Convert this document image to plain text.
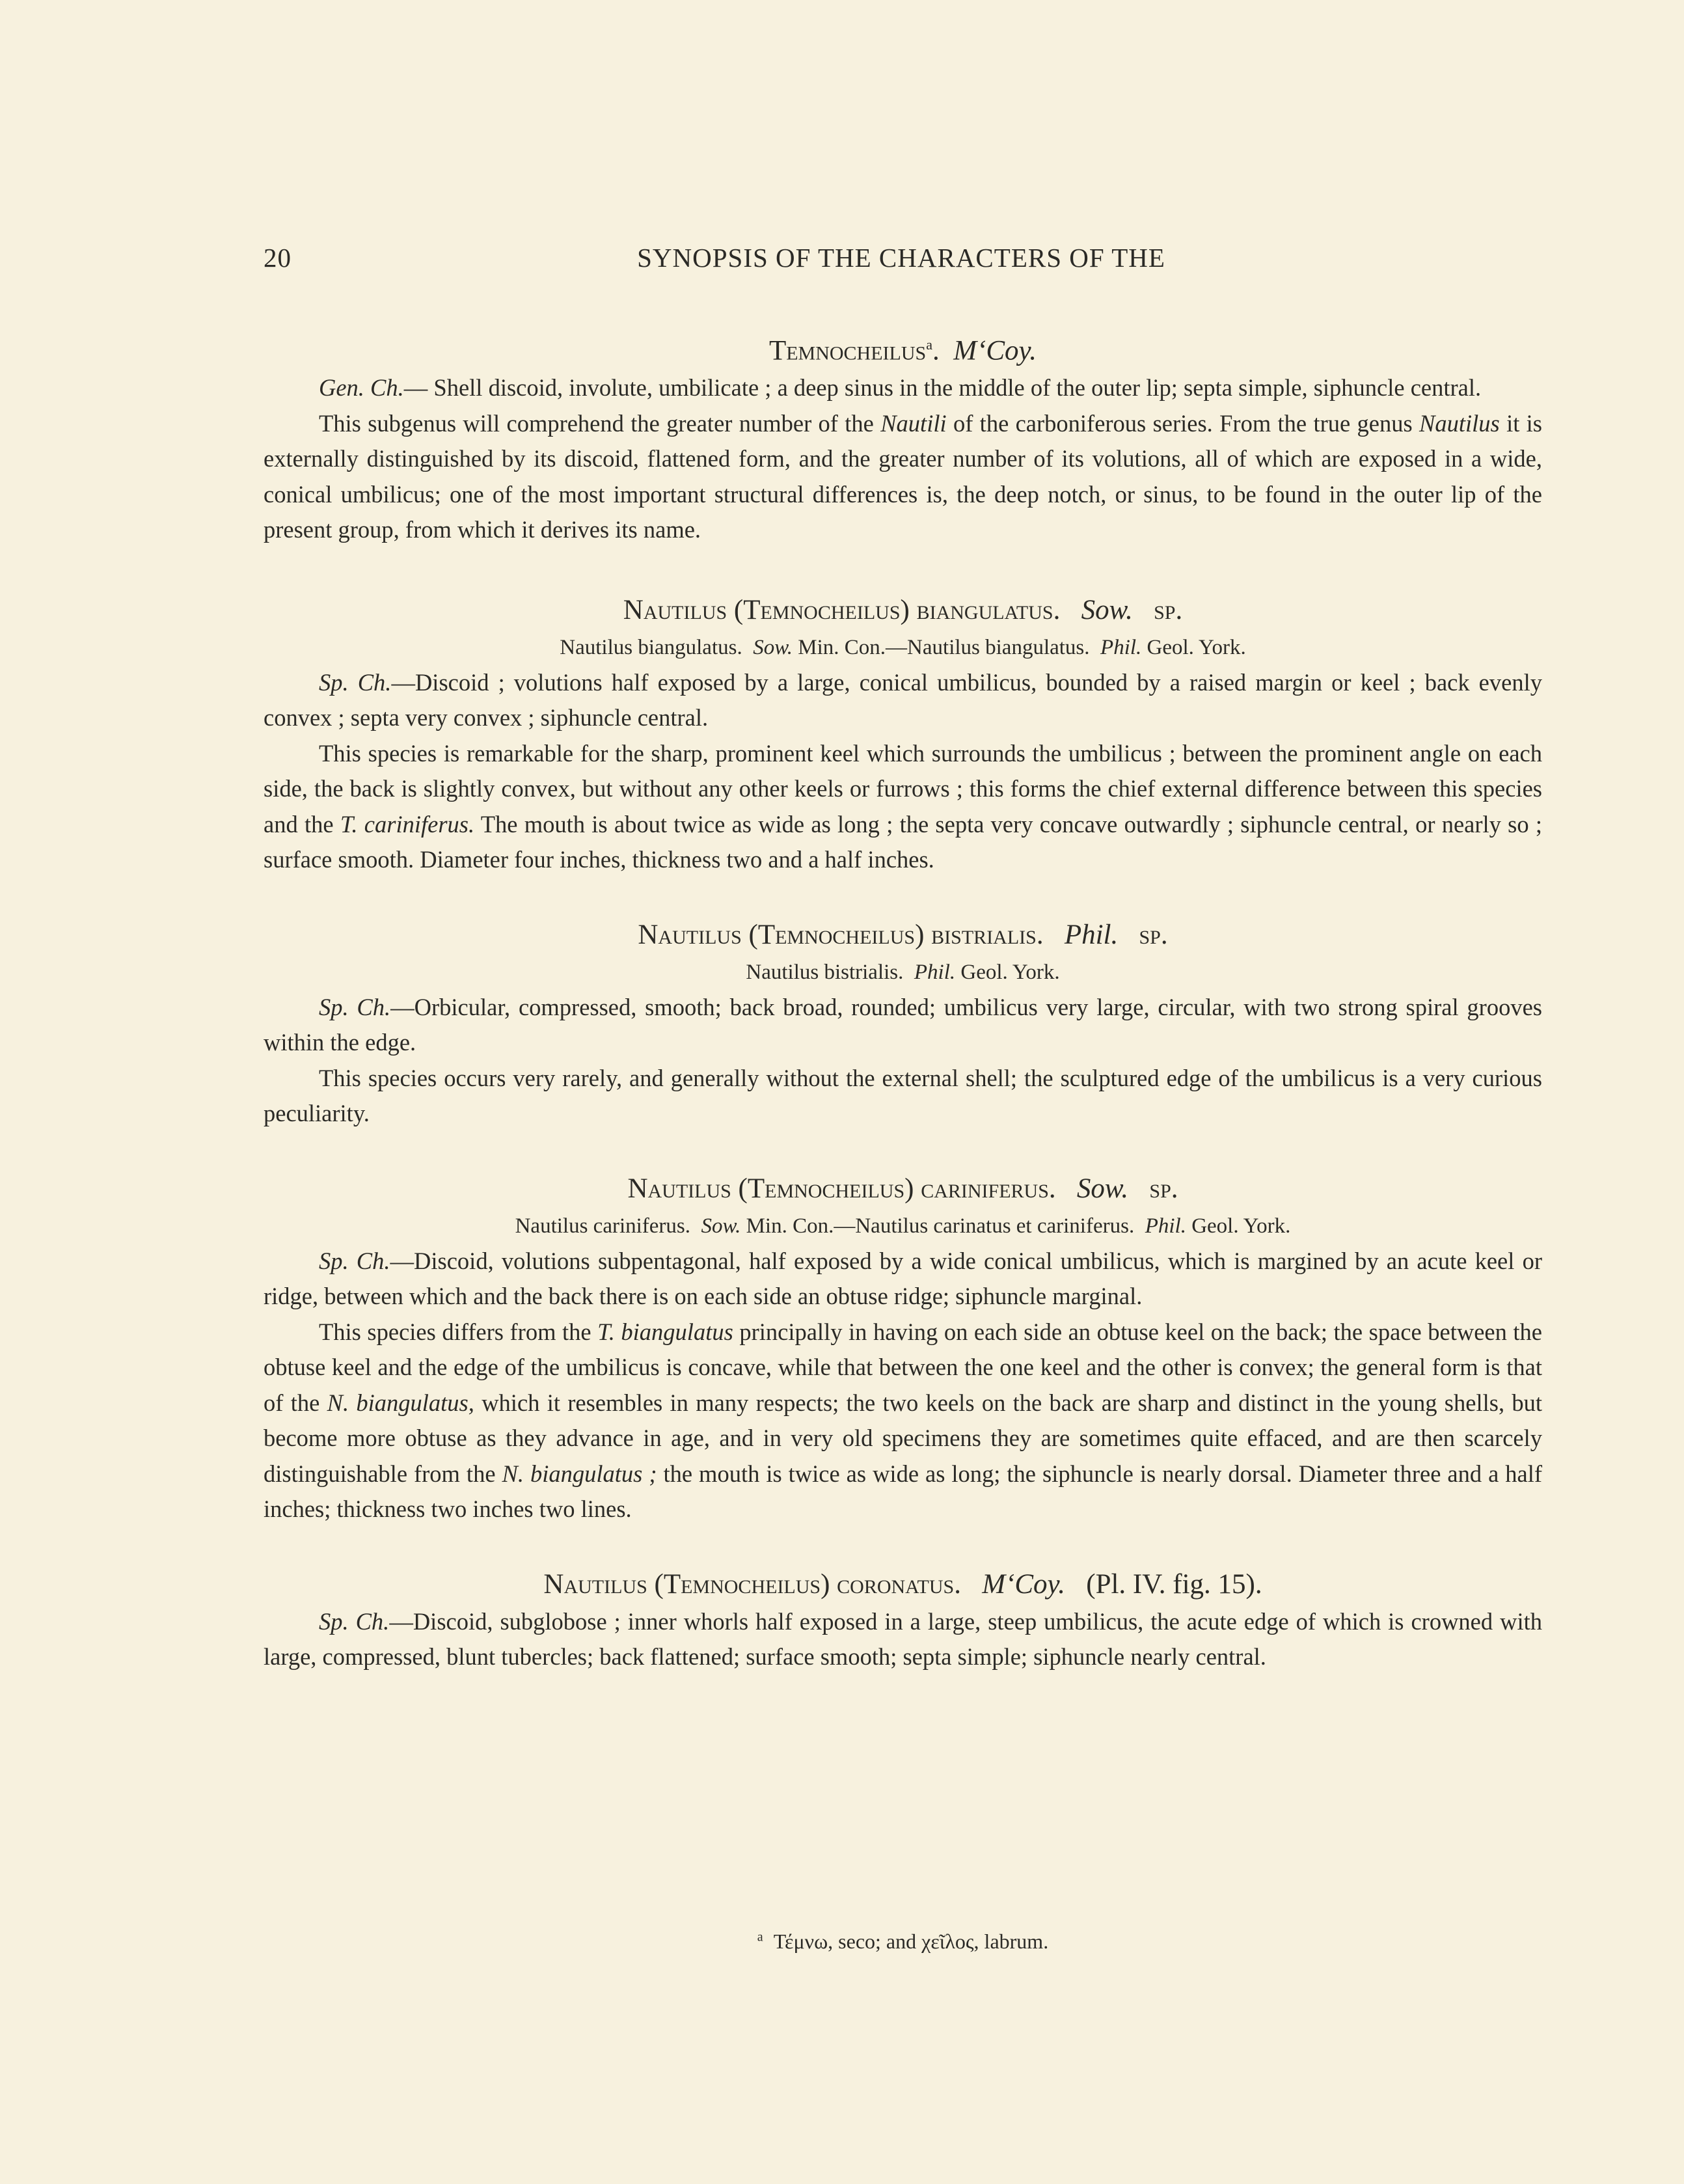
20	SYNOPSIS OF THE CHARACTERS OF THE

Temnocheilus$^a$.  M‘Coy.

Gen. Ch.— Shell discoid, involute, umbilicate ; a deep sinus in the middle of the outer lip; septa simple, siphuncle central.

This subgenus will comprehend the greater number of the Nautili of the carboniferous series. From the true genus Nautilus it is externally distinguished by its discoid, flattened form, and the greater number of its volutions, all of which are exposed in a wide, conical umbilicus; one of the most important structural differences is, the deep notch, or sinus, to be found in the outer lip of the present group, from which it derives its name.

Nautilus (Temnocheilus) biangulatus. Sow. sp.

Nautilus biangulatus. Sow. Min. Con.—Nautilus biangulatus. Phil. Geol. York.

Sp. Ch.—Discoid ; volutions half exposed by a large, conical umbilicus, bounded by a raised margin or keel ; back evenly convex ; septa very convex ; siphuncle central.

This species is remarkable for the sharp, prominent keel which surrounds the umbilicus ; between the prominent angle on each side, the back is slightly convex, but without any other keels or furrows ; this forms the chief external difference between this species and the T. cariniferus. The mouth is about twice as wide as long ; the septa very concave outwardly ; siphuncle central, or nearly so ; surface smooth. Diameter four inches, thickness two and a half inches.

Nautilus (Temnocheilus) bistrialis. Phil. sp.

Nautilus bistrialis. Phil. Geol. York.

Sp. Ch.—Orbicular, compressed, smooth; back broad, rounded; umbilicus very large, circular, with two strong spiral grooves within the edge.

This species occurs very rarely, and generally without the external shell; the sculptured edge of the umbilicus is a very curious peculiarity.

Nautilus (Temnocheilus) cariniferus. Sow. sp.

Nautilus cariniferus. Sow. Min. Con.—Nautilus carinatus et cariniferus. Phil. Geol. York.

Sp. Ch.—Discoid, volutions subpentagonal, half exposed by a wide conical umbilicus, which is margined by an acute keel or ridge, between which and the back there is on each side an obtuse ridge; siphuncle marginal.

This species differs from the T. biangulatus principally in having on each side an obtuse keel on the back; the space between the obtuse keel and the edge of the umbilicus is concave, while that between the one keel and the other is convex; the general form is that of the N. biangulatus, which it resembles in many respects; the two keels on the back are sharp and distinct in the young shells, but become more obtuse as they advance in age, and in very old specimens they are sometimes quite effaced, and are then scarcely distinguishable from the N. biangulatus ; the mouth is twice as wide as long; the siphuncle is nearly dorsal. Diameter three and a half inches; thickness two inches two lines.

Nautilus (Temnocheilus) coronatus. M‘Coy. (Pl. IV. fig. 15).

Sp. Ch.—Discoid, subglobose ; inner whorls half exposed in a large, steep umbilicus, the acute edge of which is crowned with large, compressed, blunt tubercles; back flattened; surface smooth; septa simple; siphuncle nearly central.

$^a$ Τέμνω, seco; and χεῖλος, labrum.
